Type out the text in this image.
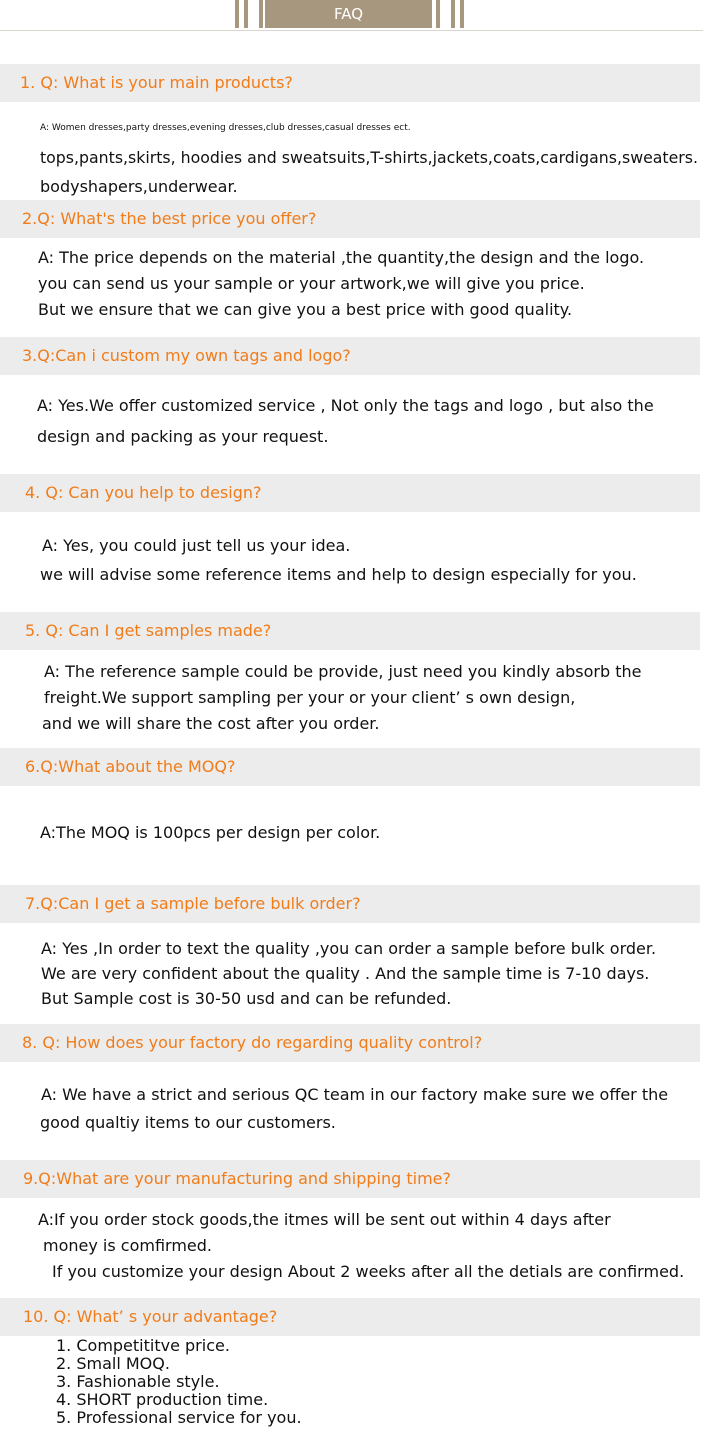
FAQ
1. Q: What is your main products?
A: Women dresses,party dresses,evening dresses,club dresses,casual dresses ect.
tops,pants,skirts, hoodies and sweatsuits,T-shirts,jackets,coats,cardigans,sweaters.
bodyshapers,underwear.
2.Q: What's the best price you offer?
A: The price depends on the material ,the quantity,the design and the logo.
you can send us your sample or your artwork,we will give you price.
But we ensure that we can give you a best price with good quality.
3.Q:Can i custom my own tags and logo?
A: Yes.We offer customized service , Not only the tags and logo , but also the
design and packing as your request.
4. Q: Can you help to design?
A: Yes, you could just tell us your idea.
we will advise some reference items and help to design especially for you.
5. Q: Can I get samples made?
A: The reference sample could be provide, just need you kindly absorb the
freight.We support sampling per your or your client’ s own design,
and we will share the cost after you order.
6.Q:What about the MOQ?
A:The MOQ is 100pcs per design per color.
7.Q:Can I get a sample before bulk order?
A: Yes ,In order to text the quality ,you can order a sample before bulk order.
We are very confident about the quality . And the sample time is 7-10 days.
But Sample cost is 30-50 usd and can be refunded.
8. Q: How does your factory do regarding quality control?
A: We have a strict and serious QC team in our factory make sure we offer the
good qualtiy items to our customers.
9.Q:What are your manufacturing and shipping time?
A:If you order stock goods,the itmes will be sent out within 4 days after
money is comfirmed.
If you customize your design About 2 weeks after all the detials are confirmed.
10. Q: What’ s your advantage?
1. Competititve price.
2. Small MOQ.
3. Fashionable style.
4. SHORT production time.
5. Professional service for you.
